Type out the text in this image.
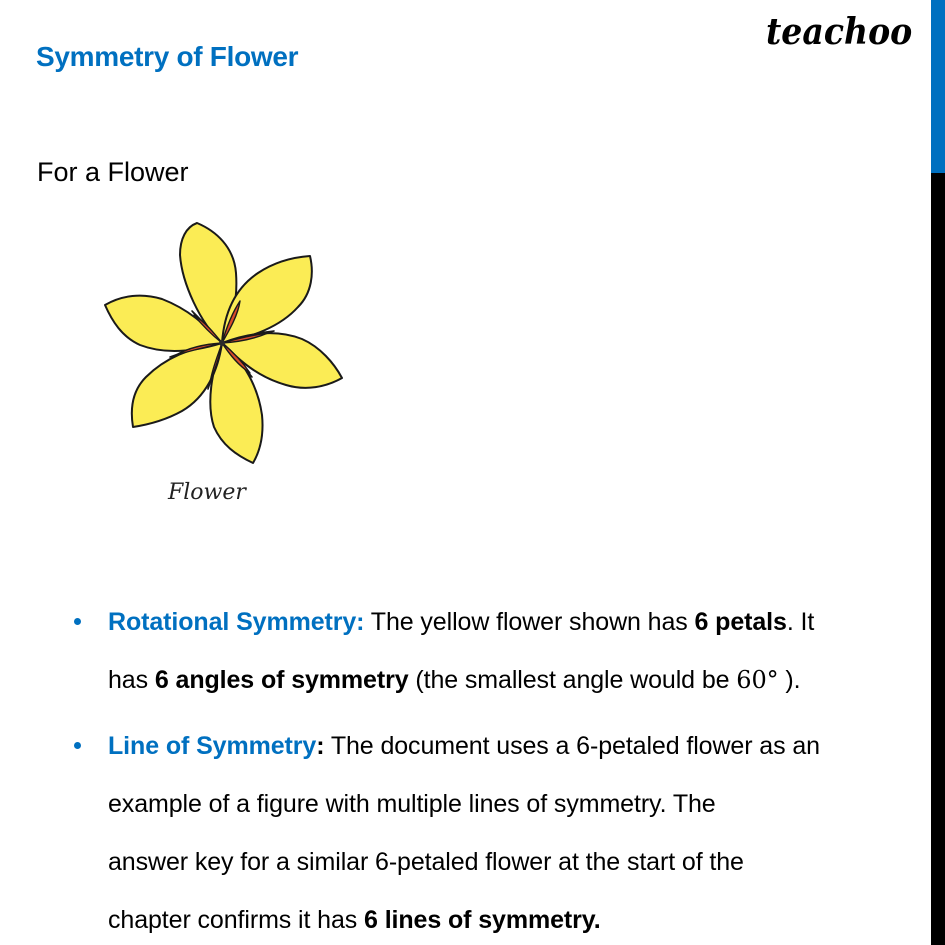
teachoo
Symmetry of Flower
For a Flower
Flower
Rotational Symmetry: The yellow flower shown has 6 petals. It
has 6 angles of symmetry (the smallest angle would be 60° ).
Line of Symmetry: The document uses a 6-petaled flower as an
example of a figure with multiple lines of symmetry. The
answer key for a similar 6-petaled flower at the start of the
chapter confirms it has 6 lines of symmetry.
